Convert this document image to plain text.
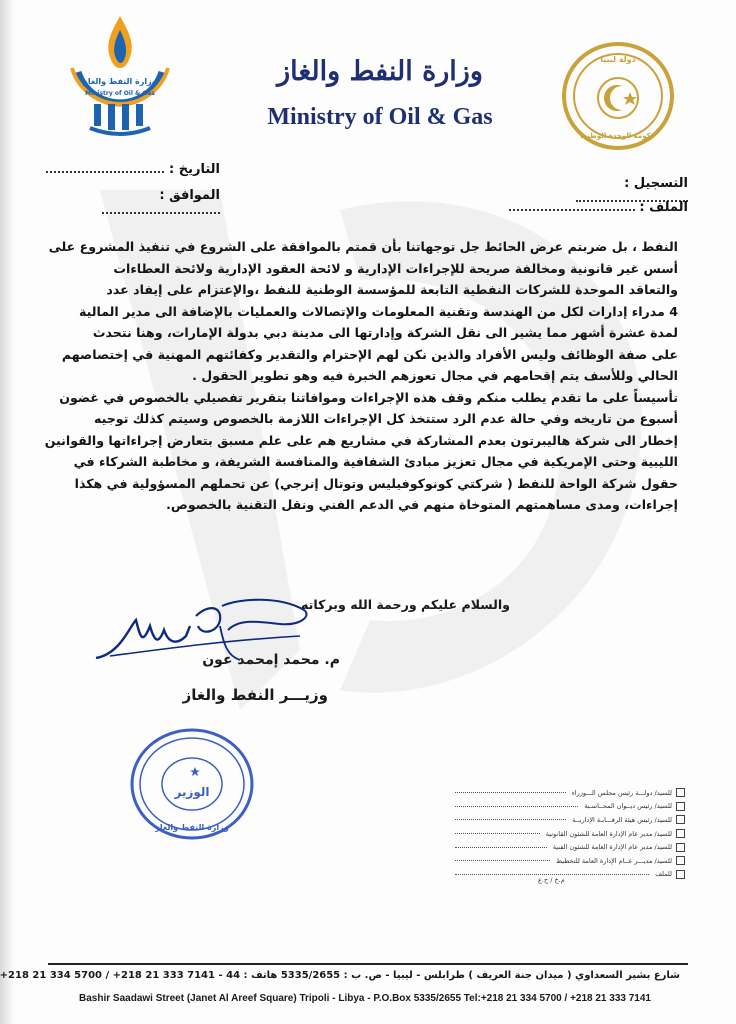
وزارة النفط والغاز
Ministry of Oil & Gas
وزارة النفط والغاز
Ministry of Oil & Gas
دولة ليبيا
حكومة الوحدة الوطنية
التاريخ :
الموافق :
التسجيل :
الملف :

النفط ، بل ضربتم عرض الحائط جل توجهاتنا بأن قمتم بالموافقة على الشروع في تنفيذ المشروع على

أسس غير قانونية ومخالفة صريحة للإجراءات الإدارية و لائحة العقود الإدارية ولائحة العطاءات

والتعاقد الموحدة للشركات النفطية التابعة للمؤسسة الوطنية للنفط ،والإعتزام على إيفاد عدد

4 مدراء إدارات لكل من الهندسة وتقنية المعلومات والإتصالات والعمليات بالإضافة الى مدير المالية

لمدة عشرة أشهر مما يشير الى نقل الشركة وإدارتها الى مدينة دبي بدولة الإمارات، وهنا نتحدث

على صفة الوظائف وليس الأفراد والذين نكن لهم الإحترام والتقدير وكفائتهم المهنية في إختصاصهم

الحالي وللأسف يتم إقحامهم في مجال تعوزهم الخبرة فيه وهو تطوير الحقول .

تأسيساً على ما تقدم يطلب منكم وقف هذه الإجراءات وموافاتنا بتقرير تفصيلي بالخصوص في غضون

أسبوع من تاريخه وفي حالة عدم الرد ستتخذ كل الإجراءات اللازمة بالخصوص وسيتم كذلك توجيه

إخطار الى شركة هاليبرتون بعدم المشاركة في مشاريع هم على علم مسبق بتعارض إجراءاتها والقوانين

الليبية وحتى الإمريكية في مجال تعزيز مبادئ الشفافية والمنافسة الشريفة، و مخاطبة الشركاء في

حقول شركة الواحة للنفط ( شركتي كونوكوفيليس وتوتال إنرجي) عن تحملهم المسؤولية في هكذا

إجراءات، ومدى مساهمتهم المتوخاة منهم في الدعم الفني ونقل التقنية بالخصوص.

والسلام عليكم ورحمة الله وبركاته
م. محمد إمحمد عون
وزيـــر النفط والغاز
الوزير
وزارة النفط والغاز
للسيد/ دولـــة رئيس مجلس الـــوزراء
للسيد/ رئيس ديــوان المحــاسـبة
للسيد/ رئيس هيئة الرقـــابـة الإداريــة
للسيد/ مدير عام الإدارة العامة للشئون القانونية
للسيد/ مدير عام الإدارة العامة للشئون الفنية
للسيد/ مديـــر عــام الإدارة العامة للتخطيط
للملف
م.خ / ح.ع
شارع بشير السعداوي ( ميدان جنة العريف ) طرابلس - ليبيا - ص. ب : 5335/2655 هاتف : 44 - 7141 333 21 218+ / 5700 334 21 218+
Bashir Saadawi Street (Janet Al Areef Square) Tripoli - Libya - P.O.Box 5335/2655 Tel:+218 21 334 5700 / +218 21 333 7141
